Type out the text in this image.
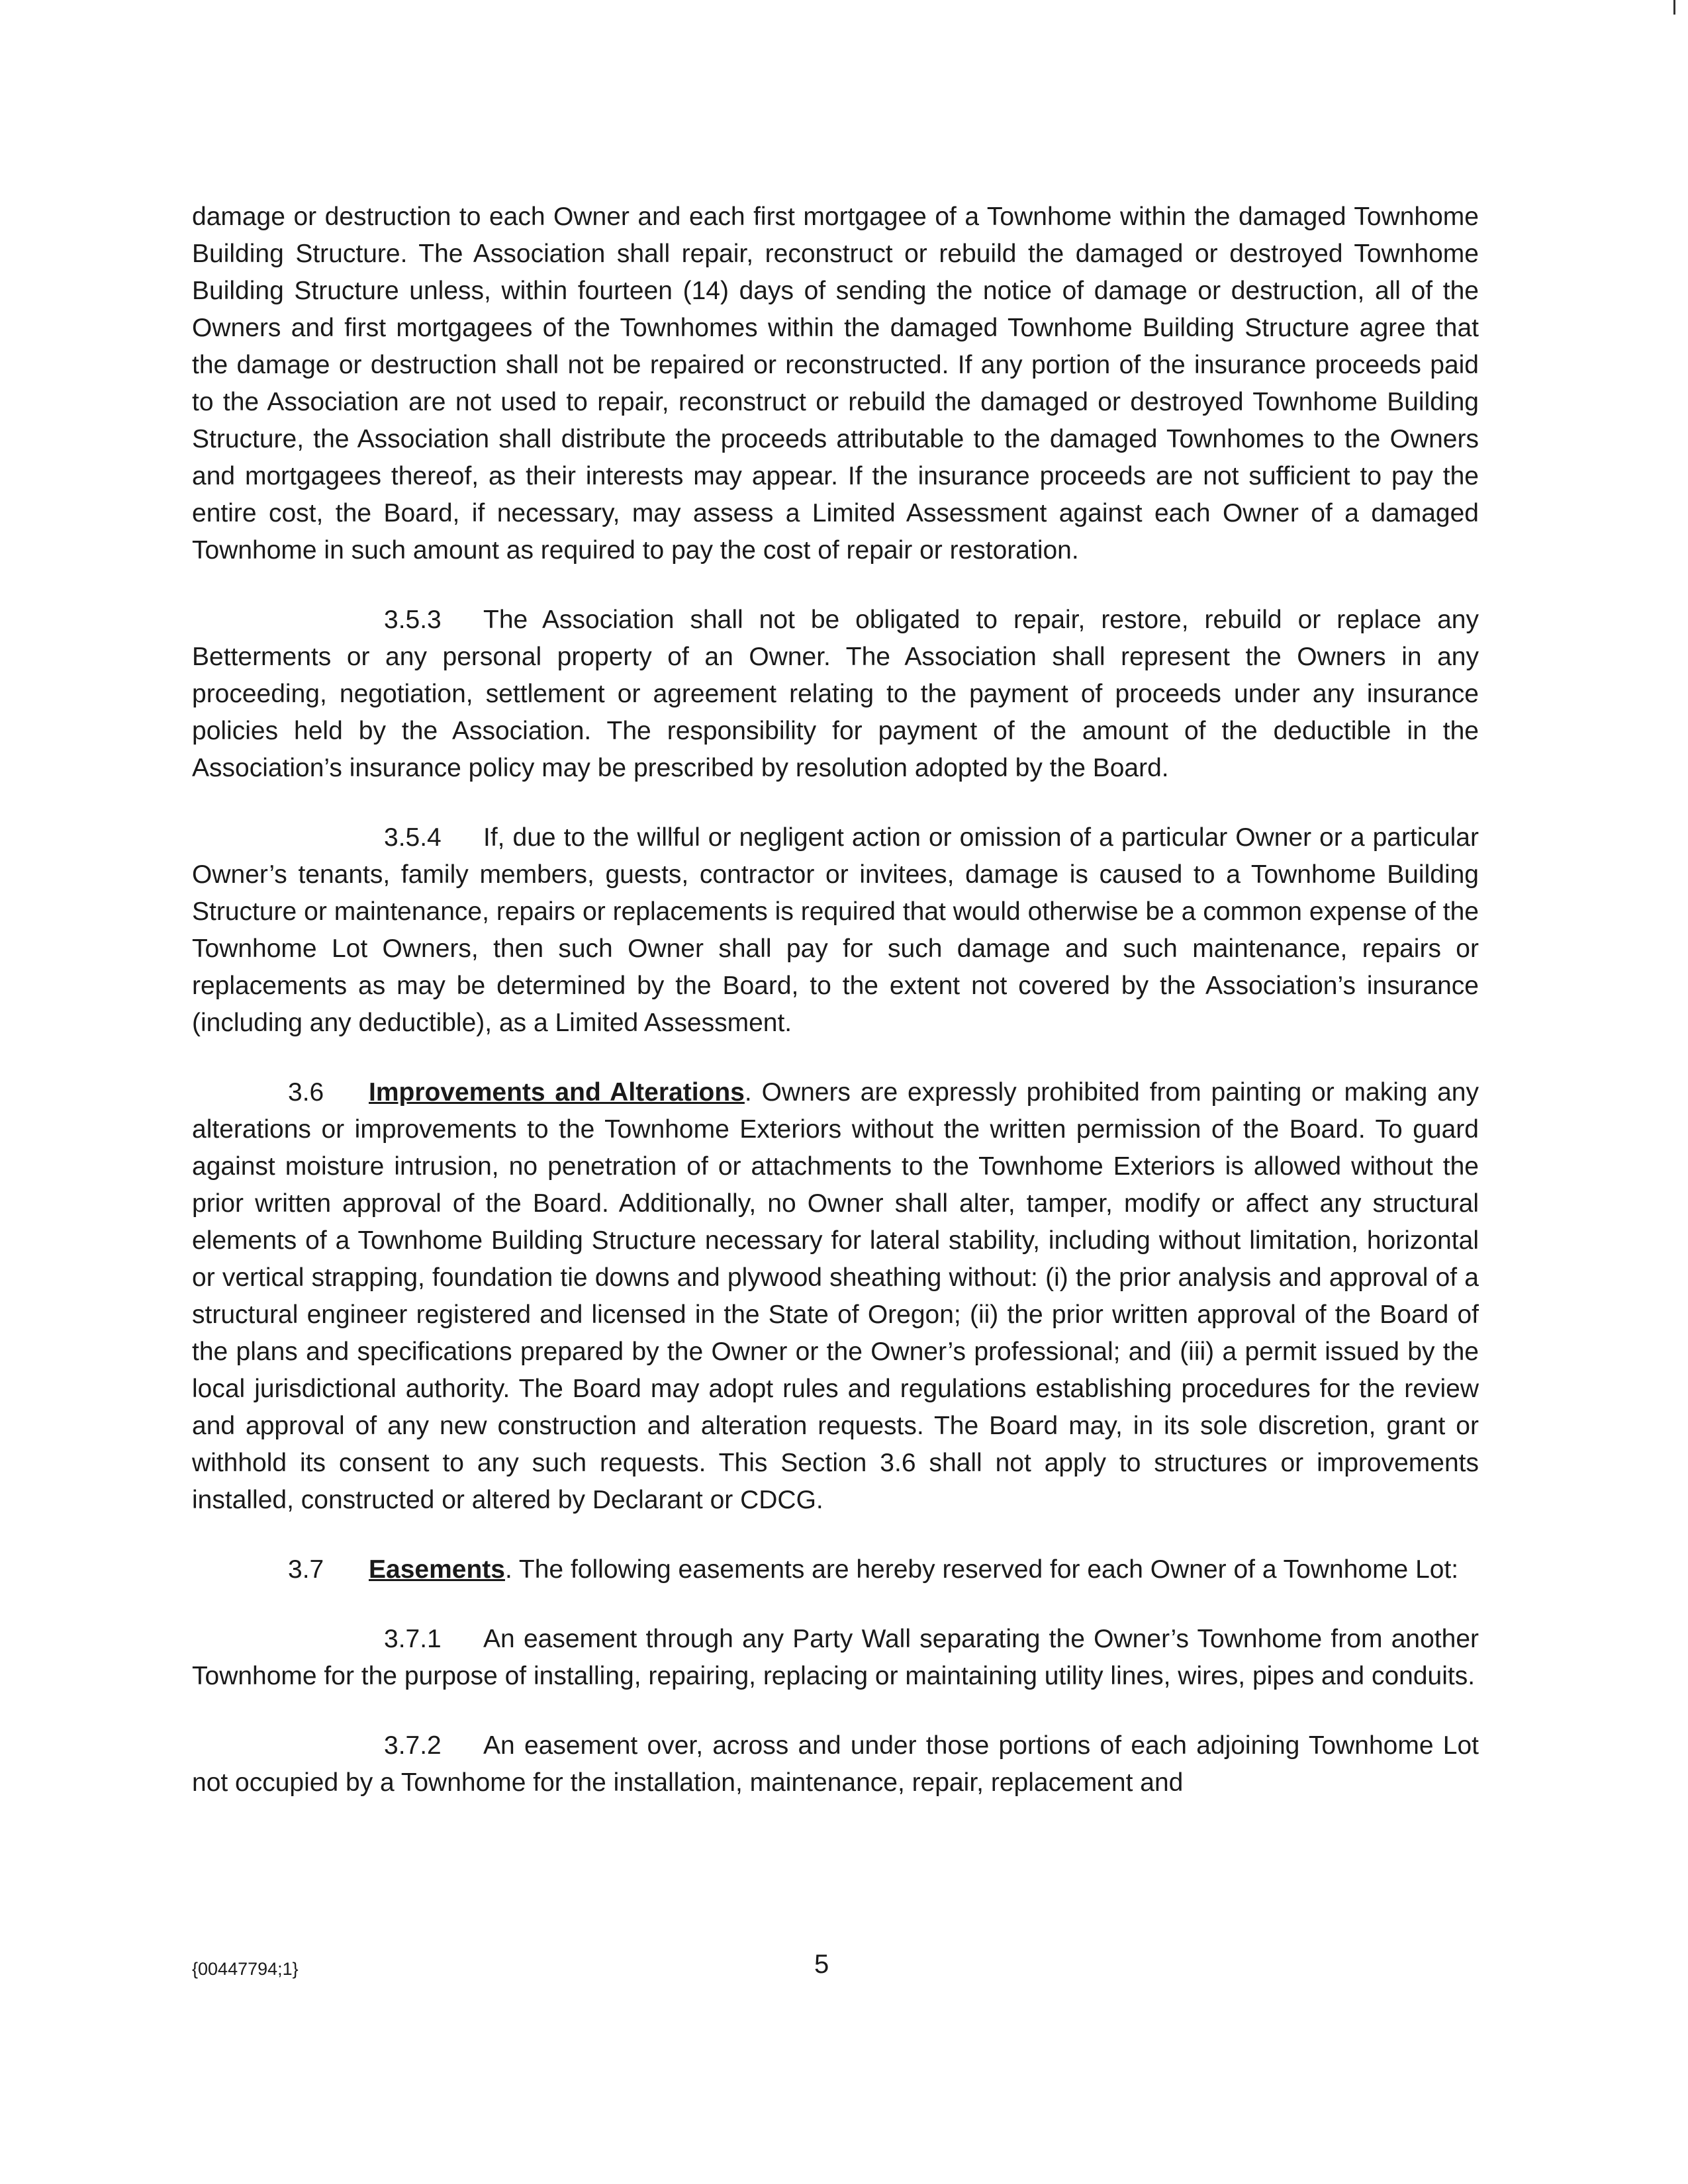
damage or destruction to each Owner and each first mortgagee of a Townhome within the damaged Townhome Building Structure. The Association shall repair, reconstruct or rebuild the damaged or destroyed Townhome Building Structure unless, within fourteen (14) days of sending the notice of damage or destruction, all of the Owners and first mortgagees of the Townhomes within the damaged Townhome Building Structure agree that the damage or destruction shall not be repaired or reconstructed. If any portion of the insurance proceeds paid to the Association are not used to repair, reconstruct or rebuild the damaged or destroyed Townhome Building Structure, the Association shall distribute the proceeds attributable to the damaged Townhomes to the Owners and mortgagees thereof, as their interests may appear. If the insurance proceeds are not sufficient to pay the entire cost, the Board, if necessary, may assess a Limited Assessment against each Owner of a damaged Townhome in such amount as required to pay the cost of repair or restoration.

3.5.3 The Association shall not be obligated to repair, restore, rebuild or replace any Betterments or any personal property of an Owner. The Association shall represent the Owners in any proceeding, negotiation, settlement or agreement relating to the payment of proceeds under any insurance policies held by the Association. The responsibility for payment of the amount of the deductible in the Association’s insurance policy may be prescribed by resolution adopted by the Board.

3.5.4 If, due to the willful or negligent action or omission of a particular Owner or a particular Owner’s tenants, family members, guests, contractor or invitees, damage is caused to a Townhome Building Structure or maintenance, repairs or replacements is required that would otherwise be a common expense of the Townhome Lot Owners, then such Owner shall pay for such damage and such maintenance, repairs or replacements as may be determined by the Board, to the extent not covered by the Association’s insurance (including any deductible), as a Limited Assessment.

3.6 Improvements and Alterations. Owners are expressly prohibited from painting or making any alterations or improvements to the Townhome Exteriors without the written permission of the Board. To guard against moisture intrusion, no penetration of or attachments to the Townhome Exteriors is allowed without the prior written approval of the Board. Additionally, no Owner shall alter, tamper, modify or affect any structural elements of a Townhome Building Structure necessary for lateral stability, including without limitation, horizontal or vertical strapping, foundation tie downs and plywood sheathing without: (i) the prior analysis and approval of a structural engineer registered and licensed in the State of Oregon; (ii) the prior written approval of the Board of the plans and specifications prepared by the Owner or the Owner’s professional; and (iii) a permit issued by the local jurisdictional authority. The Board may adopt rules and regulations establishing procedures for the review and approval of any new construction and alteration requests. The Board may, in its sole discretion, grant or withhold its consent to any such requests. This Section 3.6 shall not apply to structures or improvements installed, constructed or altered by Declarant or CDCG.

3.7 Easements. The following easements are hereby reserved for each Owner of a Townhome Lot:

3.7.1 An easement through any Party Wall separating the Owner’s Townhome from another Townhome for the purpose of installing, repairing, replacing or maintaining utility lines, wires, pipes and conduits.

3.7.2 An easement over, across and under those portions of each adjoining Townhome Lot not occupied by a Townhome for the installation, maintenance, repair, replacement and

{00447794;1}	5
